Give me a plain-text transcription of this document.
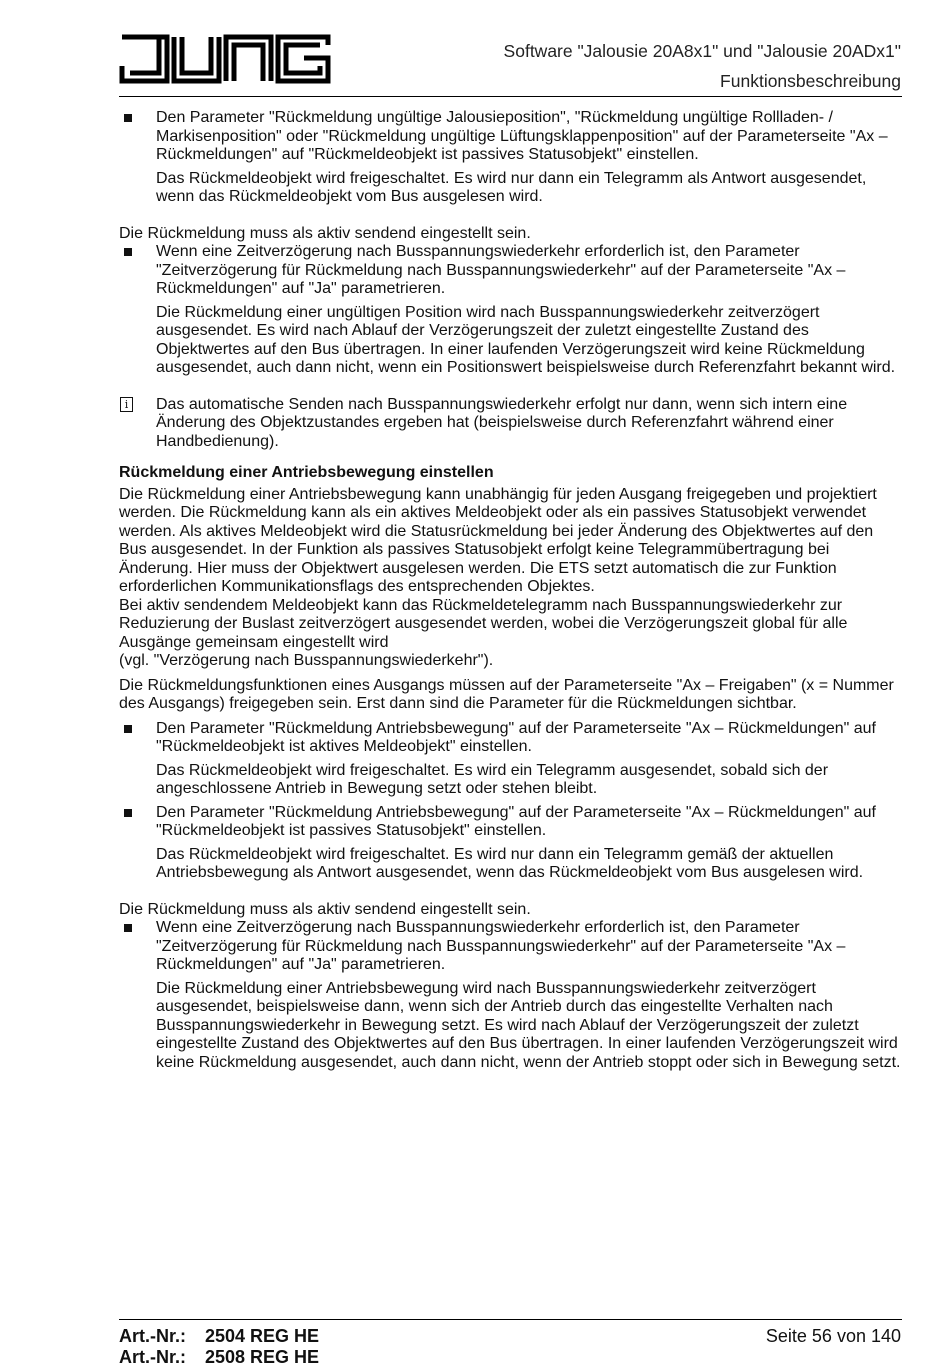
JUNG
Software "Jalousie 20A8x1" und "Jalousie 20ADx1"
Funktionsbeschreibung
Den Parameter "Rückmeldung ungültige Jalousieposition", "Rückmeldung ungültige Rollladen- / Markisenposition" oder "Rückmeldung ungültige Lüftungsklappenposition" auf der Parameterseite "Ax – Rückmeldungen" auf "Rückmeldeobjekt ist passives Statusobjekt" einstellen.
Das Rückmeldeobjekt wird freigeschaltet. Es wird nur dann ein Telegramm als Antwort ausgesendet, wenn das Rückmeldeobjekt vom Bus ausgelesen wird.
Die Rückmeldung muss als aktiv sendend eingestellt sein.
Wenn eine Zeitverzögerung nach Busspannungswiederkehr erforderlich ist, den Parameter "Zeitverzögerung für Rückmeldung nach Busspannungswiederkehr" auf der Parameterseite "Ax – Rückmeldungen" auf "Ja" parametrieren.
Die Rückmeldung einer ungültigen Position wird nach Busspannungswiederkehr zeitverzögert ausgesendet. Es wird nach Ablauf der Verzögerungszeit der zuletzt eingestellte Zustand des Objektwertes auf den Bus übertragen. In einer laufenden Verzögerungszeit wird keine Rückmeldung ausgesendet, auch dann nicht, wenn ein Positionswert beispielsweise durch Referenzfahrt bekannt wird.
i Das automatische Senden nach Busspannungswiederkehr erfolgt nur dann, wenn sich intern eine Änderung des Objektzustandes ergeben hat (beispielsweise durch Referenzfahrt während einer Handbedienung).
Rückmeldung einer Antriebsbewegung einstellen
Die Rückmeldung einer Antriebsbewegung kann unabhängig für jeden Ausgang freigegeben und projektiert werden. Die Rückmeldung kann als ein aktives Meldeobjekt oder als ein passives Statusobjekt verwendet werden. Als aktives Meldeobjekt wird die Statusrückmeldung bei jeder Änderung des Objektwertes auf den Bus ausgesendet. In der Funktion als passives Statusobjekt erfolgt keine Telegrammübertragung bei Änderung. Hier muss der Objektwert ausgelesen werden. Die ETS setzt automatisch die zur Funktion erforderlichen Kommunikationsflags des entsprechenden Objektes.
Bei aktiv sendendem Meldeobjekt kann das Rückmeldetelegramm nach Busspannungswiederkehr zur Reduzierung der Buslast zeitverzögert ausgesendet werden, wobei die Verzögerungszeit global für alle Ausgänge gemeinsam eingestellt wird
(vgl. "Verzögerung nach Busspannungswiederkehr").
Die Rückmeldungsfunktionen eines Ausgangs müssen auf der Parameterseite "Ax – Freigaben" (x = Nummer des Ausgangs) freigegeben sein. Erst dann sind die Parameter für die Rückmeldungen sichtbar.
Den Parameter "Rückmeldung Antriebsbewegung" auf der Parameterseite "Ax – Rückmeldungen" auf "Rückmeldeobjekt ist aktives Meldeobjekt" einstellen.
Das Rückmeldeobjekt wird freigeschaltet. Es wird ein Telegramm ausgesendet, sobald sich der angeschlossene Antrieb in Bewegung setzt oder stehen bleibt.
Den Parameter "Rückmeldung Antriebsbewegung" auf der Parameterseite "Ax – Rückmeldungen" auf "Rückmeldeobjekt ist passives Statusobjekt" einstellen.
Das Rückmeldeobjekt wird freigeschaltet. Es wird nur dann ein Telegramm gemäß der aktuellen Antriebsbewegung als Antwort ausgesendet, wenn das Rückmeldeobjekt vom Bus ausgelesen wird.
Die Rückmeldung muss als aktiv sendend eingestellt sein.
Wenn eine Zeitverzögerung nach Busspannungswiederkehr erforderlich ist, den Parameter "Zeitverzögerung für Rückmeldung nach Busspannungswiederkehr" auf der Parameterseite "Ax – Rückmeldungen" auf "Ja" parametrieren.
Die Rückmeldung einer Antriebsbewegung wird nach Busspannungswiederkehr zeitverzögert ausgesendet, beispielsweise dann, wenn sich der Antrieb durch das eingestellte Verhalten nach Busspannungswiederkehr in Bewegung setzt. Es wird nach Ablauf der Verzögerungszeit der zuletzt eingestellte Zustand des Objektwertes auf den Bus übertragen. In einer laufenden Verzögerungszeit wird keine Rückmeldung ausgesendet, auch dann nicht, wenn der Antrieb stoppt oder sich in Bewegung setzt.
Art.-Nr.: 2504 REG HE
Art.-Nr.: 2508 REG HE
Seite 56 von 140
